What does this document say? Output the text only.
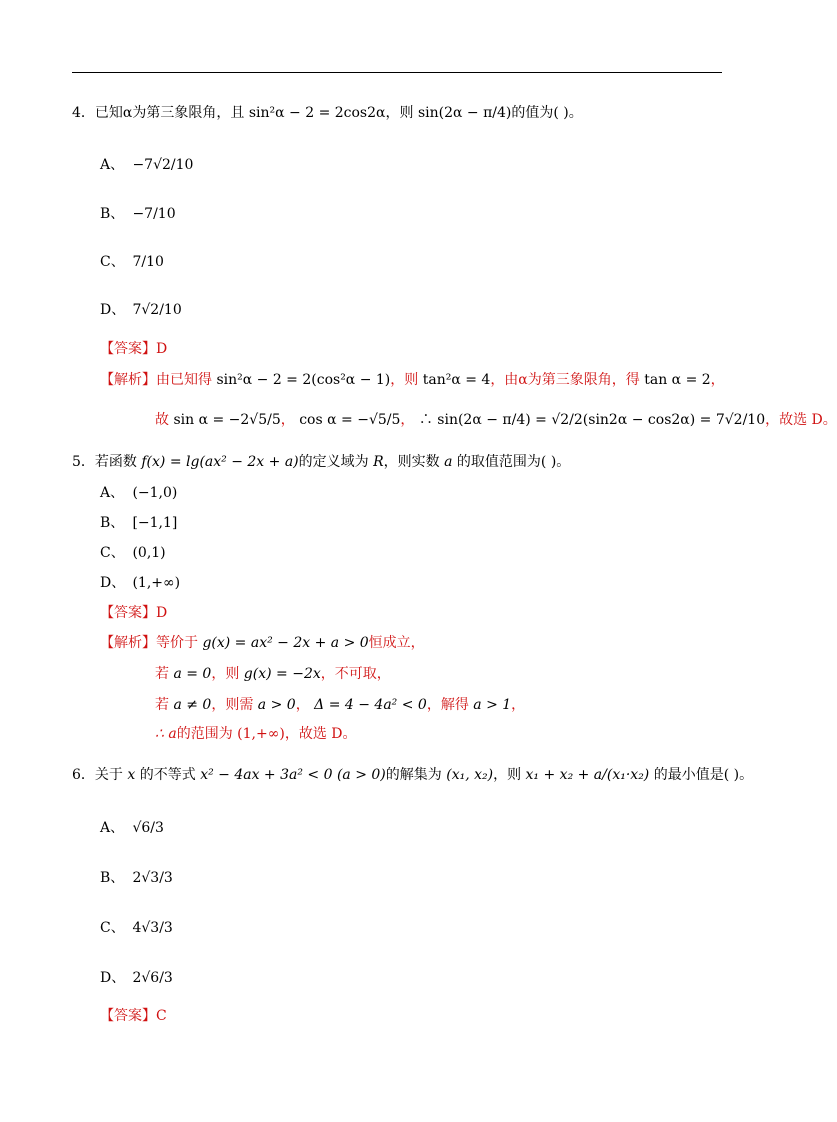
4．已知α为第三象限角，且 sin²α − 2 = 2cos2α，则 sin(2α − π/4)的值为( )。
A、 −7√2/10
B、 −7/10
C、 7/10
D、 7√2/10
【答案】D
【解析】由已知得 sin²α − 2 = 2(cos²α − 1)，则 tan²α = 4，由α为第三象限角，得 tan α = 2，
故 sin α = −2√5/5， cos α = −√5/5， ∴ sin(2α − π/4) = √2/2(sin2α − cos2α) = 7√2/10，故选 D。
5．若函数 f(x) = lg(ax² − 2x + a)的定义域为 R，则实数 a 的取值范围为( )。
A、 (−1,0)
B、 [−1,1]
C、 (0,1)
D、 (1,+∞)
【答案】D
【解析】等价于 g(x) = ax² − 2x + a > 0恒成立，
若 a = 0，则 g(x) = −2x，不可取，
若 a ≠ 0，则需 a > 0， Δ = 4 − 4a² < 0，解得 a > 1，
∴ a的范围为 (1,+∞)，故选 D。
6．关于 x 的不等式 x² − 4ax + 3a² < 0 (a > 0)的解集为 (x₁, x₂)，则 x₁ + x₂ + a/(x₁·x₂) 的最小值是( )。
A、 √6/3
B、 2√3/3
C、 4√3/3
D、 2√6/3
【答案】C
